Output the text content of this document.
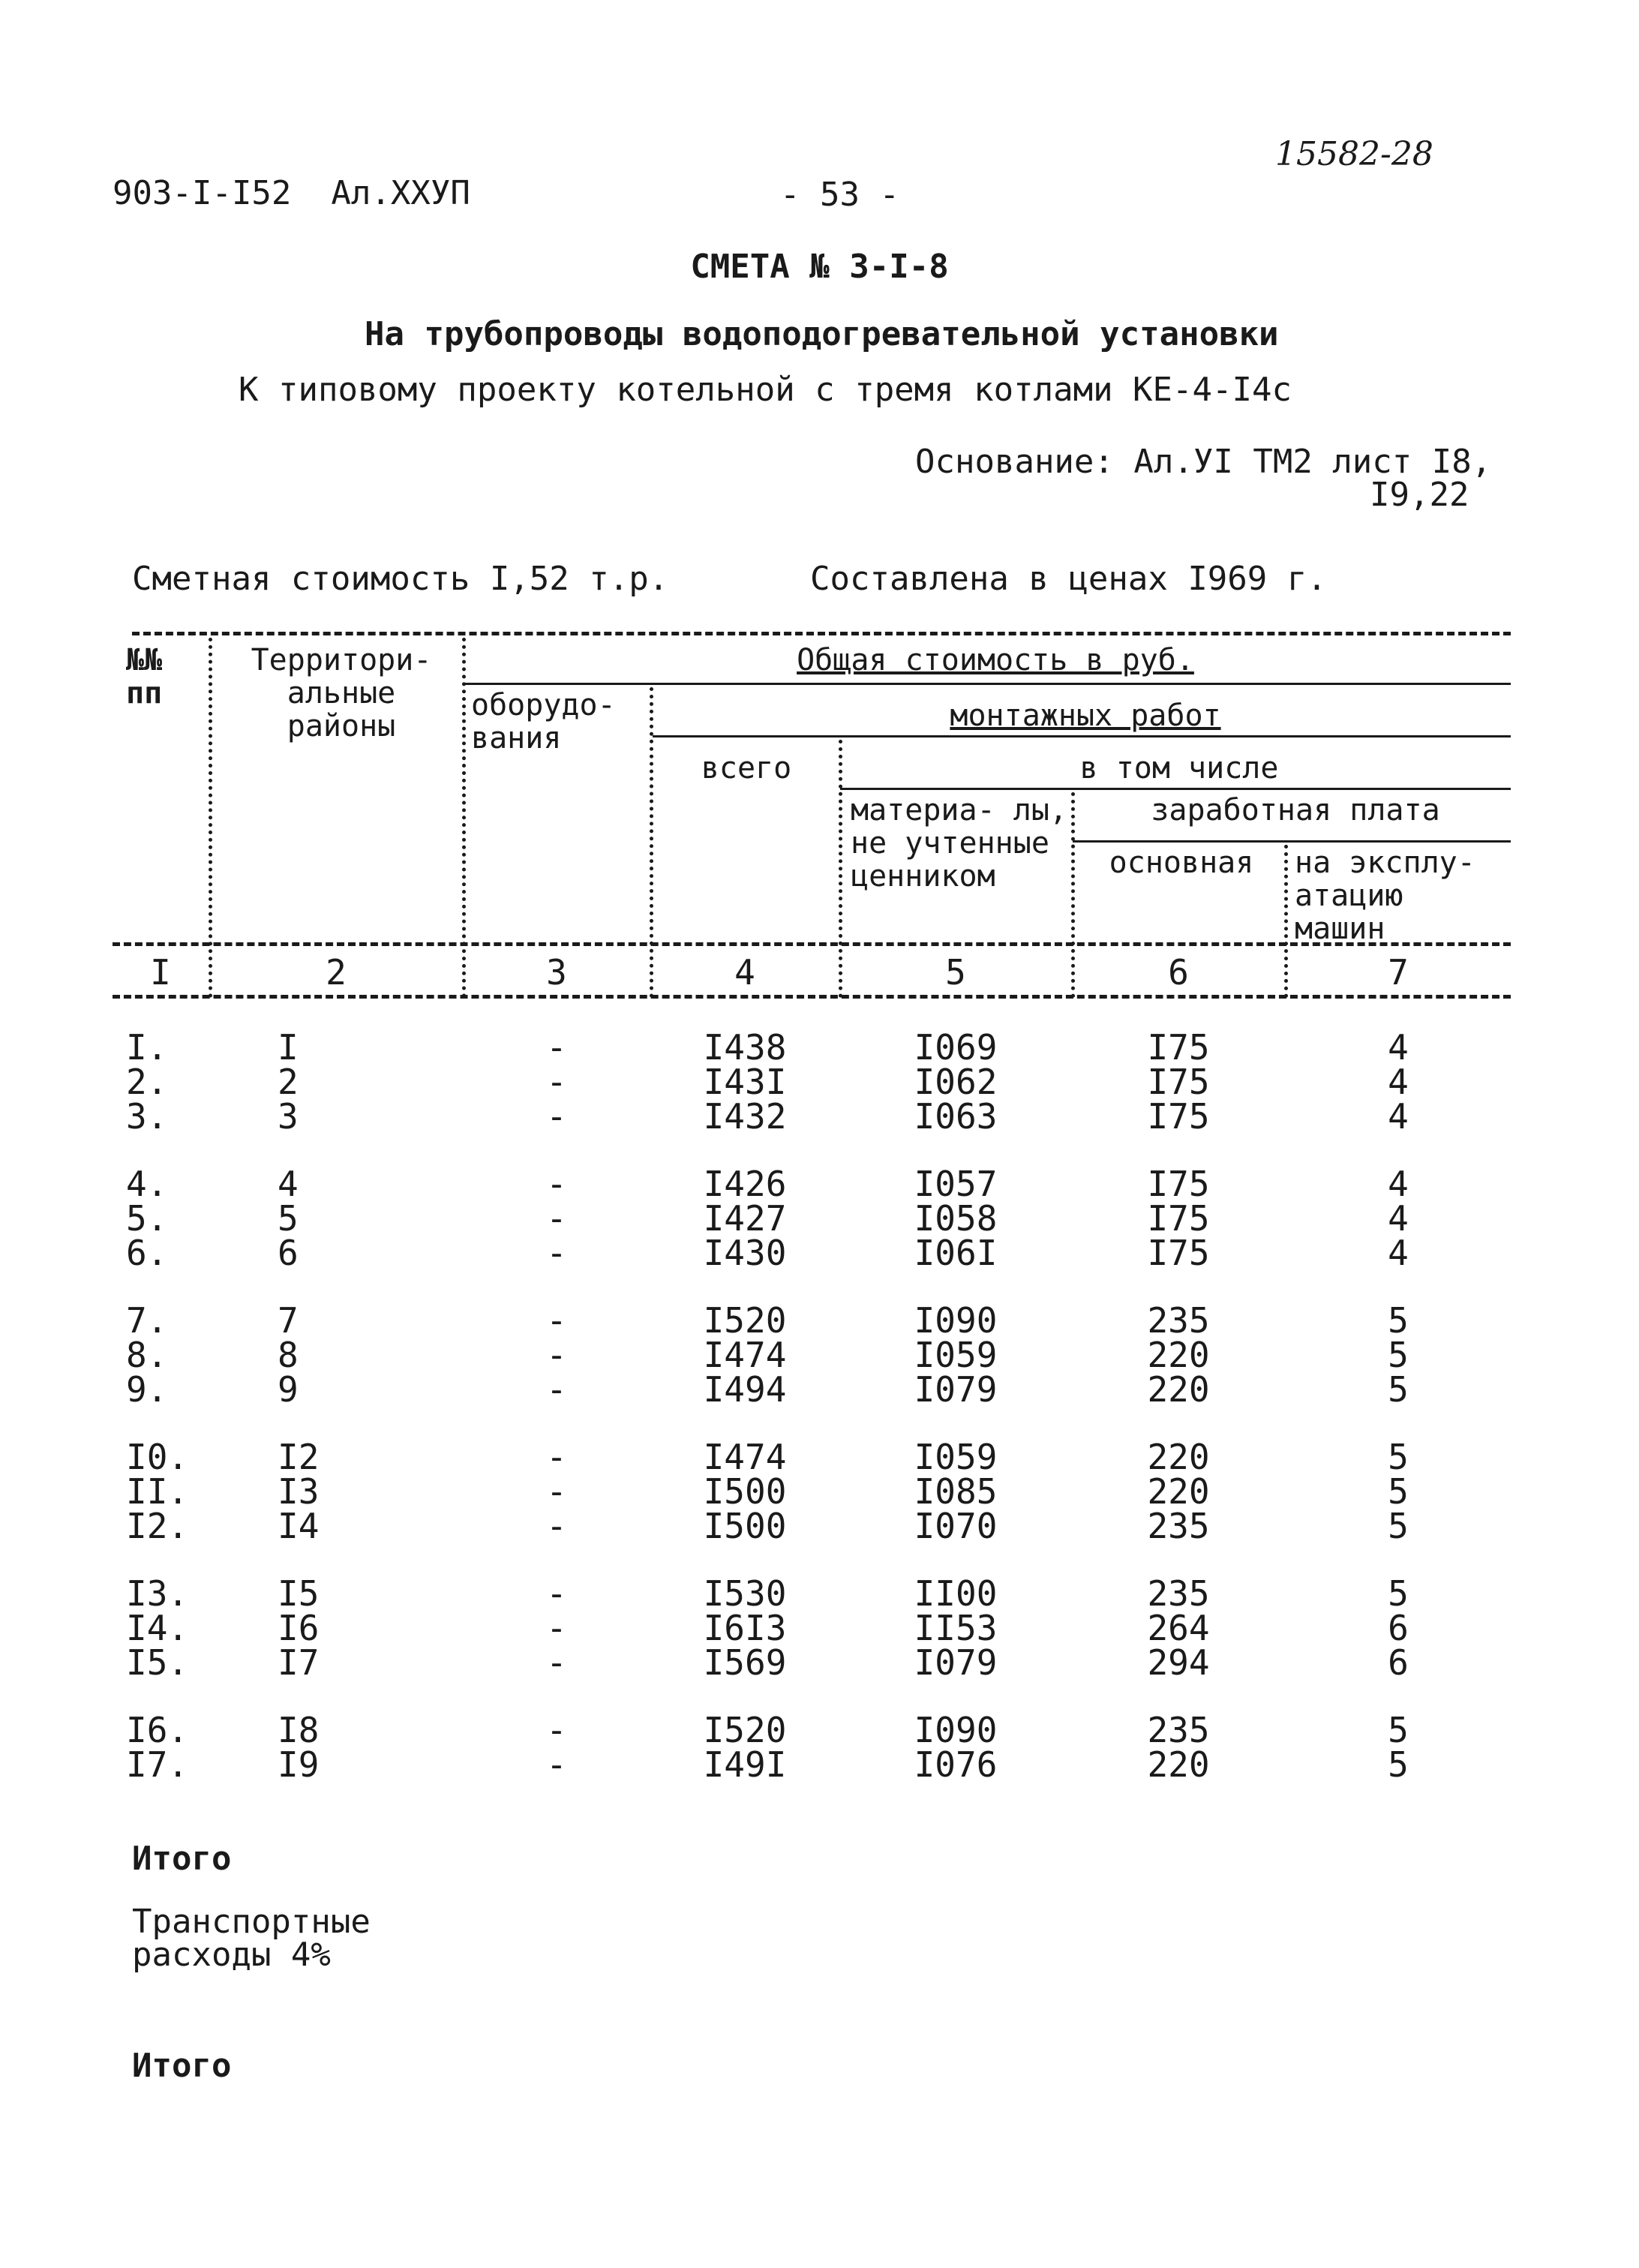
903-I-I52 Ал.XXУП	- 53 -
15582-28
СМЕТА № 3-I-8
На трубопроводы водоподогревательной установки
К типовому проекту котельной с тремя котлами КЕ-4-I4с
Основание: Ал.УI ТМ2 лист I8,
I9,22
Сметная стоимость I,52 т.р.	Составлена в ценах I969 г.
№№ пп
Территори- альные районы
Общая стоимость в руб.
оборудо- вания
монтажных работ
всего	в том числе
материа- лы, не учтенные ценником
заработная плата
основная	на эксплу- атацию машин
I	2	3	4	5	6	7
I.	I	-	I438	I069	I75	4
2.	2	-	I43I	I062	I75	4
3.	3	-	I432	I063	I75	4
4.	4	-	I426	I057	I75	4
5.	5	-	I427	I058	I75	4
6.	6	-	I430	I06I	I75	4
7.	7	-	I520	I090	235	5
8.	8	-	I474	I059	220	5
9.	9	-	I494	I079	220	5
I0.	I2	-	I474	I059	220	5
II.	I3	-	I500	I085	220	5
I2.	I4	-	I500	I070	235	5
I3.	I5	-	I530	II00	235	5
I4.	I6	-	I6I3	II53	264	6
I5.	I7	-	I569	I079	294	6
I6.	I8	-	I520	I090	235	5
I7.	I9	-	I49I	I076	220	5
Итого
Транспортные расходы 4%
Итого
